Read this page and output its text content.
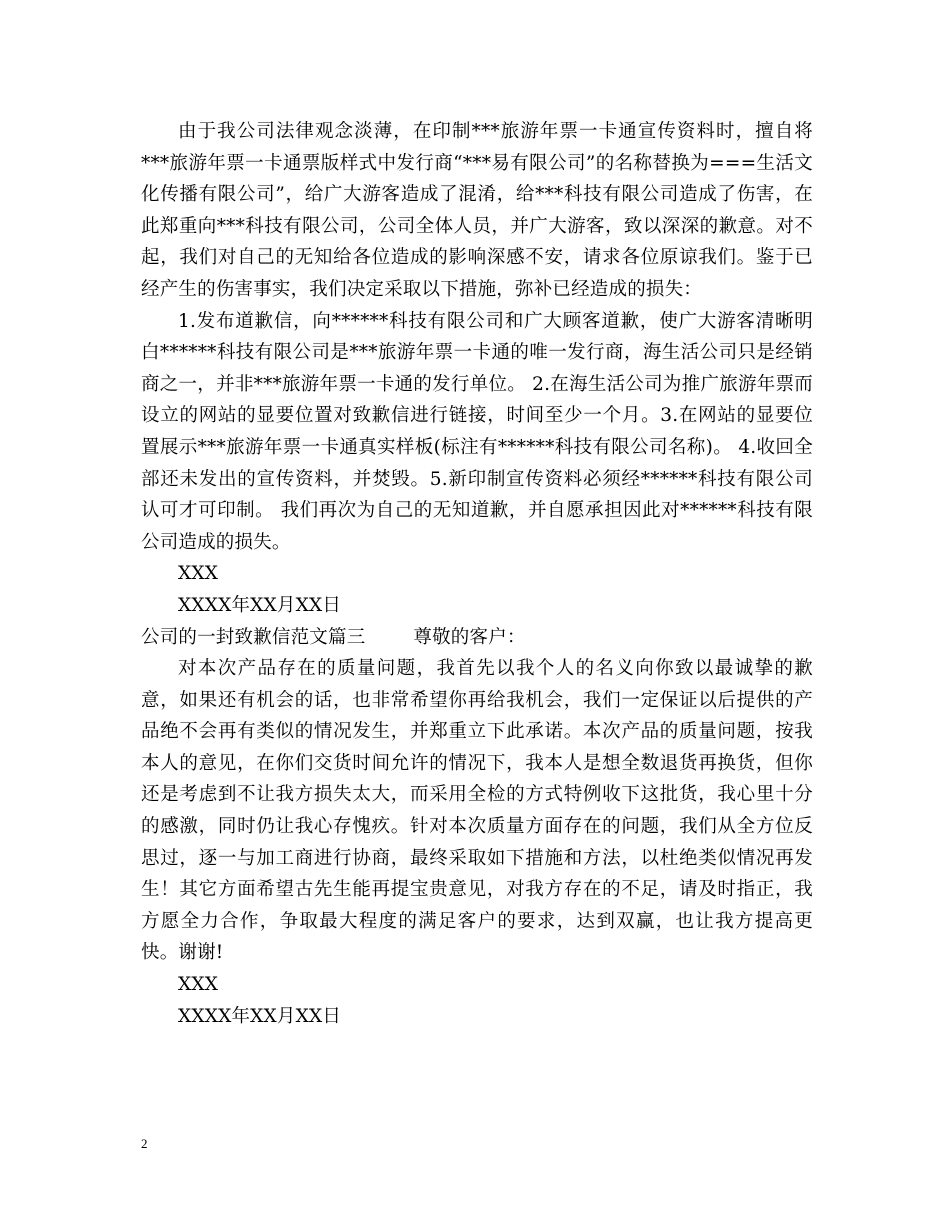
由于我公司法律观念淡薄，在印制***旅游年票一卡通宣传资料时，擅自将***旅游年票一卡通票版样式中发行商“***易有限公司”的名称替换为===生活文化传播有限公司”，给广大游客造成了混淆，给***科技有限公司造成了伤害，在此郑重向***科技有限公司，公司全体人员，并广大游客，致以深深的歉意。对不起，我们对自己的无知给各位造成的影响深感不安，请求各位原谅我们。鉴于已经产生的伤害事实，我们决定采取以下措施，弥补已经造成的损失：

1.发布道歉信，向******科技有限公司和广大顾客道歉，使广大游客清晰明白******科技有限公司是***旅游年票一卡通的唯一发行商，海生活公司只是经销商之一，并非***旅游年票一卡通的发行单位。 2.在海生活公司为推广旅游年票而设立的网站的显要位置对致歉信进行链接，时间至少一个月。3.在网站的显要位置展示***旅游年票一卡通真实样板(标注有******科技有限公司名称)。 4.收回全部还未发出的宣传资料，并焚毁。5.新印制宣传资料必须经******科技有限公司认可才可印制。 我们再次为自己的无知道歉，并自愿承担因此对******科技有限公司造成的损失。

XXX

XXXX年XX月XX日

公司的一封致歉信范文篇三	尊敬的客户：

对本次产品存在的质量问题，我首先以我个人的名义向你致以最诚挚的歉意，如果还有机会的话，也非常希望你再给我机会，我们一定保证以后提供的产品绝不会再有类似的情况发生，并郑重立下此承诺。本次产品的质量问题，按我本人的意见，在你们交货时间允许的情况下，我本人是想全数退货再换货，但你还是考虑到不让我方损失太大，而采用全检的方式特例收下这批货，我心里十分的感激，同时仍让我心存愧疚。针对本次质量方面存在的问题，我们从全方位反思过，逐一与加工商进行协商，最终采取如下措施和方法，以杜绝类似情况再发生！其它方面希望古先生能再提宝贵意见，对我方存在的不足，请及时指正，我方愿全力合作，争取最大程度的满足客户的要求，达到双赢，也让我方提高更快。谢谢!

XXX

XXXX年XX月XX日

2
